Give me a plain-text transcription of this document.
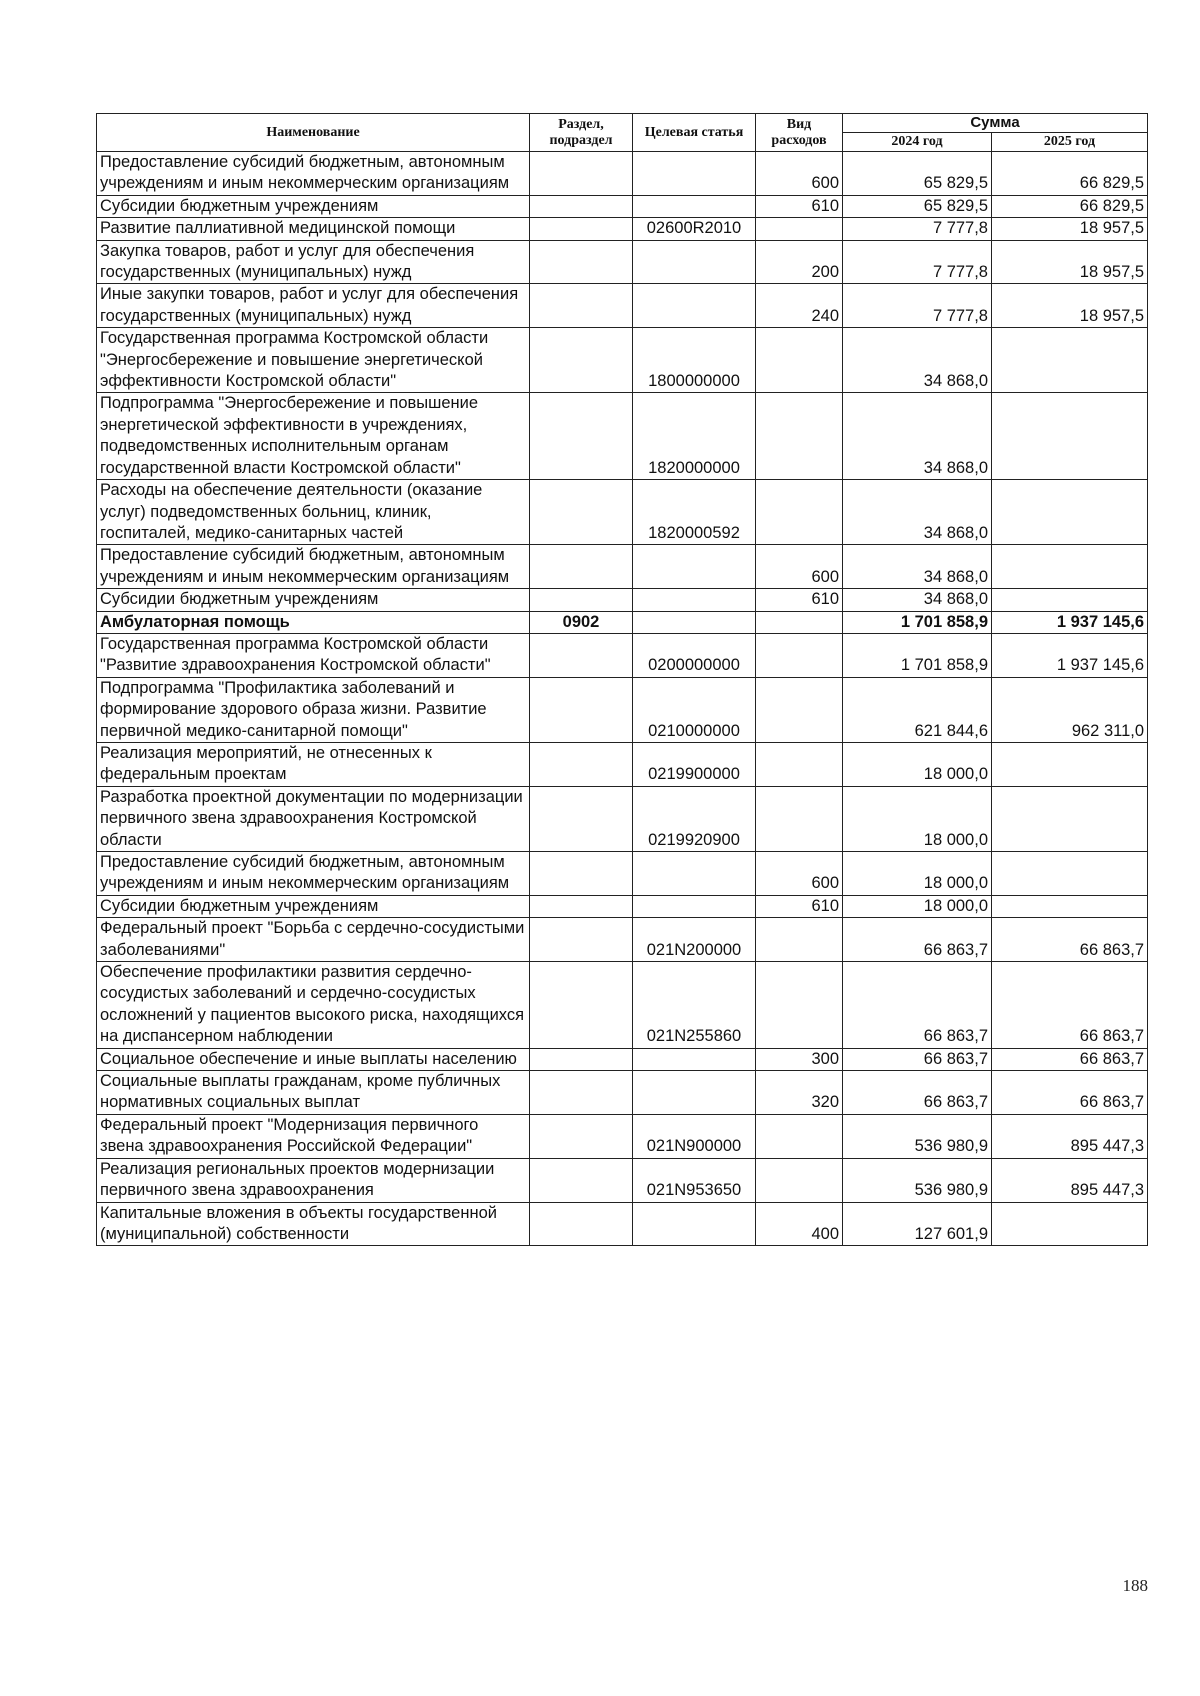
Наименование	Раздел, подраздел	Целевая статья	Вид расходов	Сумма	
				2024 год	2025 год
Предоставление субсидий бюджетным, автономным учреждениям и иным некоммерческим организациям			600	65 829,5	66 829,5
Субсидии бюджетным учреждениям			610	65 829,5	66 829,5
Развитие паллиативной медицинской помощи		02600R2010		7 777,8	18 957,5
Закупка товаров, работ и услуг для обеспечения государственных (муниципальных) нужд			200	7 777,8	18 957,5
Иные закупки товаров, работ и услуг для обеспечения государственных (муниципальных) нужд			240	7 777,8	18 957,5
Государственная программа Костромской области "Энергосбережение и повышение энергетической эффективности Костромской области"		1800000000		34 868,0	
Подпрограмма "Энергосбережение и повышение энергетической эффективности в учреждениях, подведомственных исполнительным органам государственной власти Костромской области"		1820000000		34 868,0	
Расходы на обеспечение деятельности (оказание услуг) подведомственных больниц, клиник, госпиталей, медико-санитарных частей		1820000592		34 868,0	
Предоставление субсидий бюджетным, автономным учреждениям и иным некоммерческим организациям			600	34 868,0	
Субсидии бюджетным учреждениям			610	34 868,0	
Амбулаторная помощь	0902			1 701 858,9	1 937 145,6
Государственная программа Костромской области "Развитие здравоохранения Костромской области"		0200000000		1 701 858,9	1 937 145,6
Подпрограмма "Профилактика заболеваний и формирование здорового образа жизни. Развитие первичной медико-санитарной помощи"		0210000000		621 844,6	962 311,0
Реализация мероприятий, не отнесенных к федеральным проектам		0219900000		18 000,0	
Разработка проектной документации по модернизации первичного звена здравоохранения Костромской области		0219920900		18 000,0	
Предоставление субсидий бюджетным, автономным учреждениям и иным некоммерческим организациям			600	18 000,0	
Субсидии бюджетным учреждениям			610	18 000,0	
Федеральный проект "Борьба с сердечно-сосудистыми заболеваниями"		021N200000		66 863,7	66 863,7
Обеспечение профилактики развития сердечно-сосудистых заболеваний и сердечно-сосудистых осложнений у пациентов высокого риска, находящихся на диспансерном наблюдении		021N255860		66 863,7	66 863,7
Социальное обеспечение и иные выплаты населению			300	66 863,7	66 863,7
Социальные выплаты гражданам, кроме публичных нормативных социальных выплат			320	66 863,7	66 863,7
Федеральный проект "Модернизация первичного звена здравоохранения Российской Федерации"		021N900000		536 980,9	895 447,3
Реализация региональных проектов модернизации первичного звена здравоохранения		021N953650		536 980,9	895 447,3
Капитальные вложения в объекты государственной (муниципальной) собственности			400	127 601,9	
188
